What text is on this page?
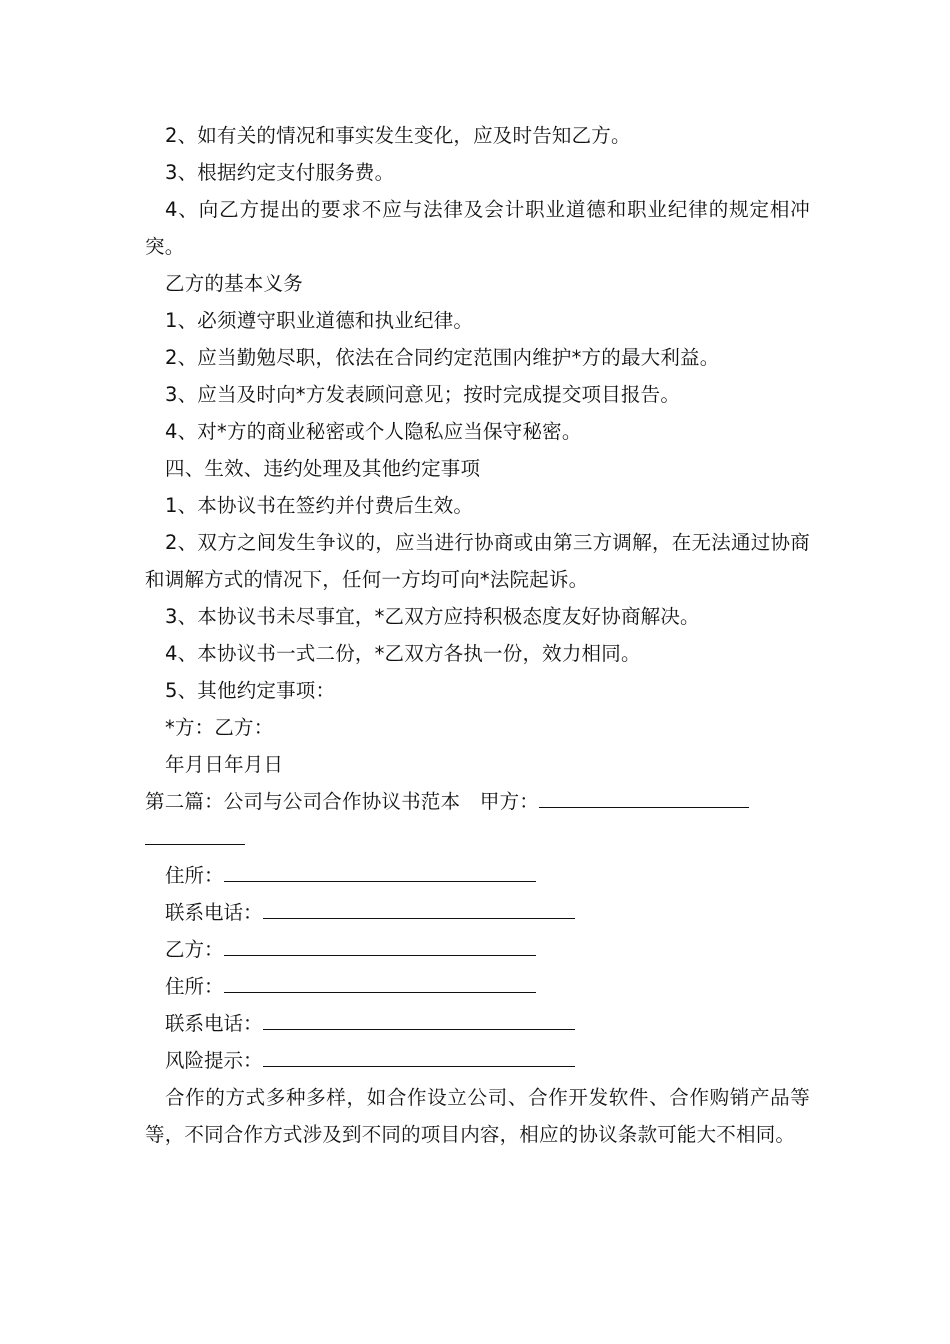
2、如有关的情况和事实发生变化，应及时告知乙方。
3、根据约定支付服务费。
4、向乙方提出的要求不应与法律及会计职业道德和职业纪律的规定相冲突。
乙方的基本义务
1、必须遵守职业道德和执业纪律。
2、应当勤勉尽职，依法在合同约定范围内维护*方的最大利益。
3、应当及时向*方发表顾问意见；按时完成提交项目报告。
4、对*方的商业秘密或个人隐私应当保守秘密。
四、生效、违约处理及其他约定事项
1、本协议书在签约并付费后生效。
2、双方之间发生争议的，应当进行协商或由第三方调解，在无法通过协商和调解方式的情况下，任何一方均可向*法院起诉。
3、本协议书未尽事宜，*乙双方应持积极态度友好协商解决。
4、本协议书一式二份，*乙双方各执一份，效力相同。
5、其他约定事项：
*方：乙方：
年月日年月日
第二篇：公司与公司合作协议书范本　甲方：
住所：
联系电话：
乙方：
住所：
联系电话：
风险提示：
合作的方式多种多样，如合作设立公司、合作开发软件、合作购销产品等等，不同合作方式涉及到不同的项目内容，相应的协议条款可能大不相同。
